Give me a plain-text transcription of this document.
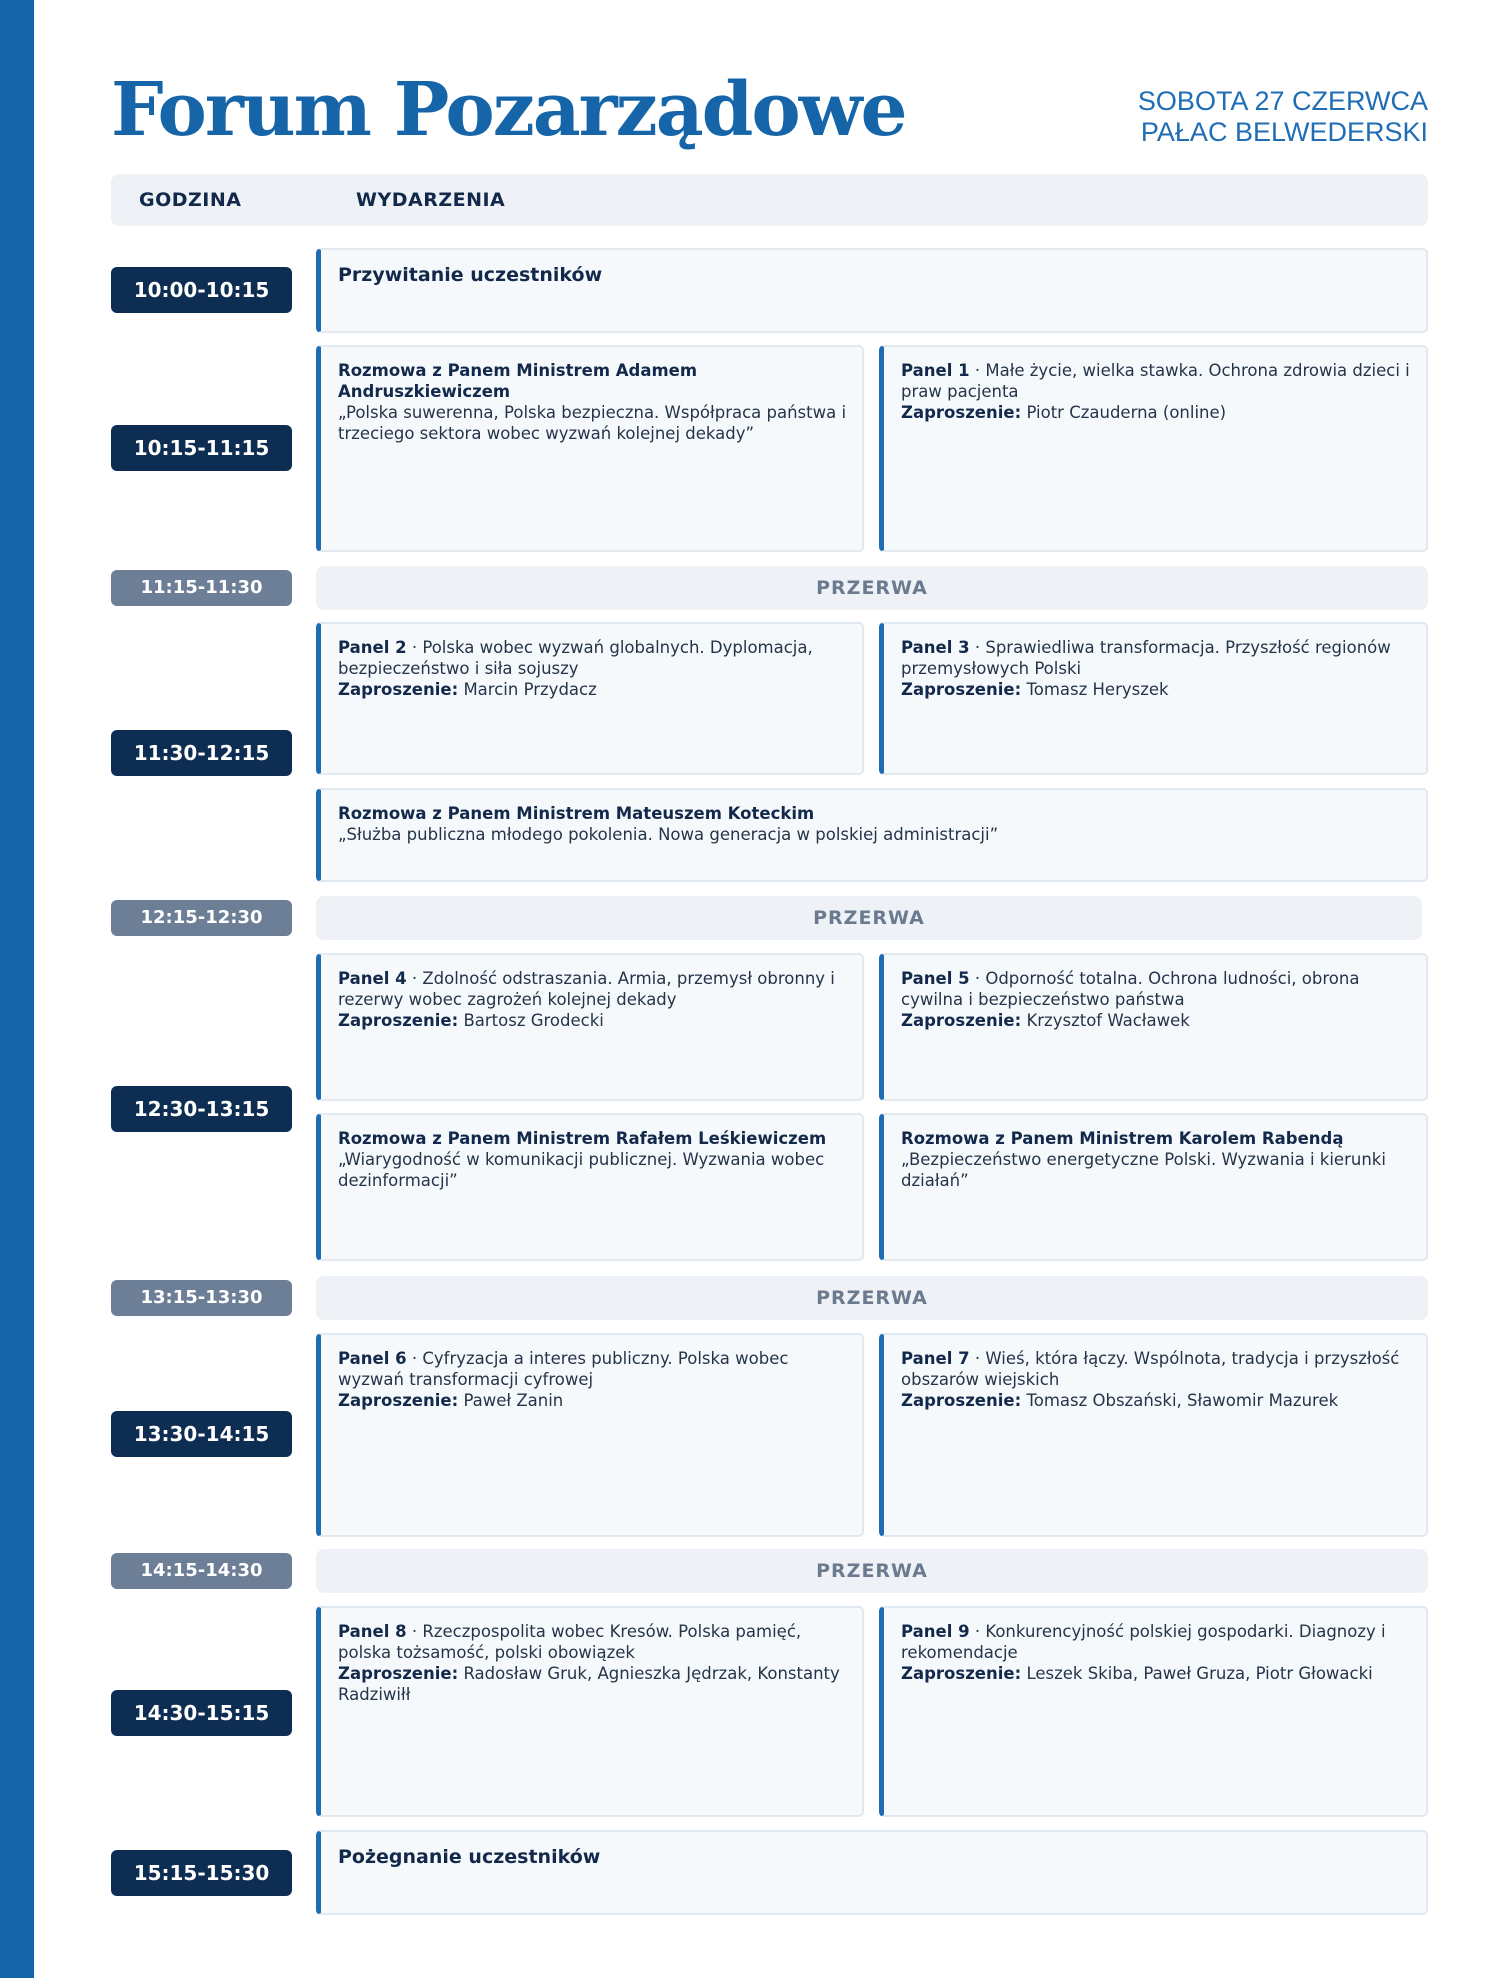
Forum Pozarządowe	SOBOTA 27 CZERWCA
PAŁAC BELWEDERSKI
GODZINA	WYDARZENIA
10:00-10:15
Przywitanie uczestników
10:15-11:15
Rozmowa z Panem Ministrem Adamem Andruszkiewiczem
„Polska suwerenna, Polska bezpieczna. Współpraca państwa i trzeciego sektora wobec wyzwań kolejnej dekady”
Panel 1 · Małe życie, wielka stawka. Ochrona zdrowia dzieci i praw pacjenta
Zaproszenie: Piotr Czauderna (online)
11:15-11:30	PRZERWA
11:30-12:15
Panel 2 · Polska wobec wyzwań globalnych. Dyplomacja, bezpieczeństwo i siła sojuszy
Zaproszenie: Marcin Przydacz
Panel 3 · Sprawiedliwa transformacja. Przyszłość regionów przemysłowych Polski
Zaproszenie: Tomasz Heryszek
Rozmowa z Panem Ministrem Mateuszem Koteckim
„Służba publiczna młodego pokolenia. Nowa generacja w polskiej administracji”
12:15-12:30	PRZERWA
12:30-13:15
Panel 4 · Zdolność odstraszania. Armia, przemysł obronny i rezerwy wobec zagrożeń kolejnej dekady
Zaproszenie: Bartosz Grodecki
Panel 5 · Odporność totalna. Ochrona ludności, obrona cywilna i bezpieczeństwo państwa
Zaproszenie: Krzysztof Wacławek
Rozmowa z Panem Ministrem Rafałem Leśkiewiczem
„Wiarygodność w komunikacji publicznej. Wyzwania wobec dezinformacji”
Rozmowa z Panem Ministrem Karolem Rabendą
„Bezpieczeństwo energetyczne Polski. Wyzwania i kierunki działań”
13:15-13:30	PRZERWA
13:30-14:15
Panel 6 · Cyfryzacja a interes publiczny. Polska wobec wyzwań transformacji cyfrowej
Zaproszenie: Paweł Zanin
Panel 7 · Wieś, która łączy. Wspólnota, tradycja i przyszłość obszarów wiejskich
Zaproszenie: Tomasz Obszański, Sławomir Mazurek
14:15-14:30	PRZERWA
14:30-15:15
Panel 8 · Rzeczpospolita wobec Kresów. Polska pamięć, polska tożsamość, polski obowiązek
Zaproszenie: Radosław Gruk, Agnieszka Jędrzak, Konstanty Radziwiłł
Panel 9 · Konkurencyjność polskiej gospodarki. Diagnozy i rekomendacje
Zaproszenie: Leszek Skiba, Paweł Gruza, Piotr Głowacki
15:15-15:30
Pożegnanie uczestników
